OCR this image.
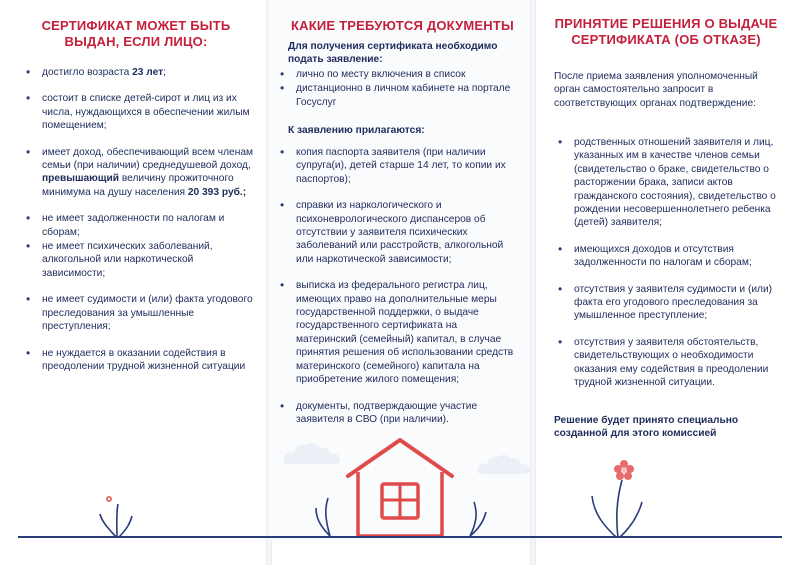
СЕРТИФИКАТ МОЖЕТ БЫТЬ ВЫДАН, ЕСЛИ ЛИЦО:
• достигло возраста 23 лет;
• состоит в списке детей-сирот и лиц из их числа, нуждающихся в обеспечении жилым помещением;
• имеет доход, обеспечивающий всем членам семьи (при наличии) среднедушевой доход, превышающий величину прожиточного минимума на душу населения 20 393 руб.;
• не имеет задолженности по налогам и сборам;
• не имеет психических заболеваний, алкогольной или наркотической зависимости;
• не имеет судимости и (или) факта угодового преследования за умышленные преступления;
• не нуждается в оказании содействия в преодолении трудной жизненной ситуации
КАКИЕ ТРЕБУЮТСЯ ДОКУМЕНТЫ
Для получения сертификата необходимо подать заявление:
• лично по месту включения в список
• дистанционно в личном кабинете на портале Госуслуг
К заявлению прилагаются:
• копия паспорта заявителя (при наличии супруга(и), детей старше 14 лет, то копии их паспортов);
• справки из наркологического и психоневрологического диспансеров об отсутствии у заявителя психических заболеваний или расстройств, алкогольной или наркотической зависимости;
• выписка из федерального регистра лиц, имеющих право на дополнительные меры государственной поддержки, о выдаче государственного сертификата на материнский (семейный) капитал, в случае принятия решения об использовании средств материнского (семейного) капитала на приобретение жилого помещения;
• документы, подтверждающие участие заявителя в СВО (при наличии).
ПРИНЯТИЕ РЕШЕНИЯ О ВЫДАЧЕ СЕРТИФИКАТА (ОБ ОТКАЗЕ)
После приема заявления уполномоченный орган самостоятельно запросит в соответствующих органах подтверждение:
• родственных отношений заявителя и лиц, указанных им в качестве членов семьи (свидетельство о браке, свидетельство о расторжении брака, записи актов гражданского состояния), свидетельство о рождении несовершеннолетнего ребенка (детей) заявителя;
• имеющихся доходов и отсутствия задолженности по налогам и сборам;
• отсутствия у заявителя судимости и (или) факта его угодового преследования за умышленное преступление;
• отсутствия у заявителя обстоятельств, свидетельствующих о необходимости оказания ему содействия в преодолении трудной жизненной ситуации.
Решение будет принято специально созданной для этого комиссией
